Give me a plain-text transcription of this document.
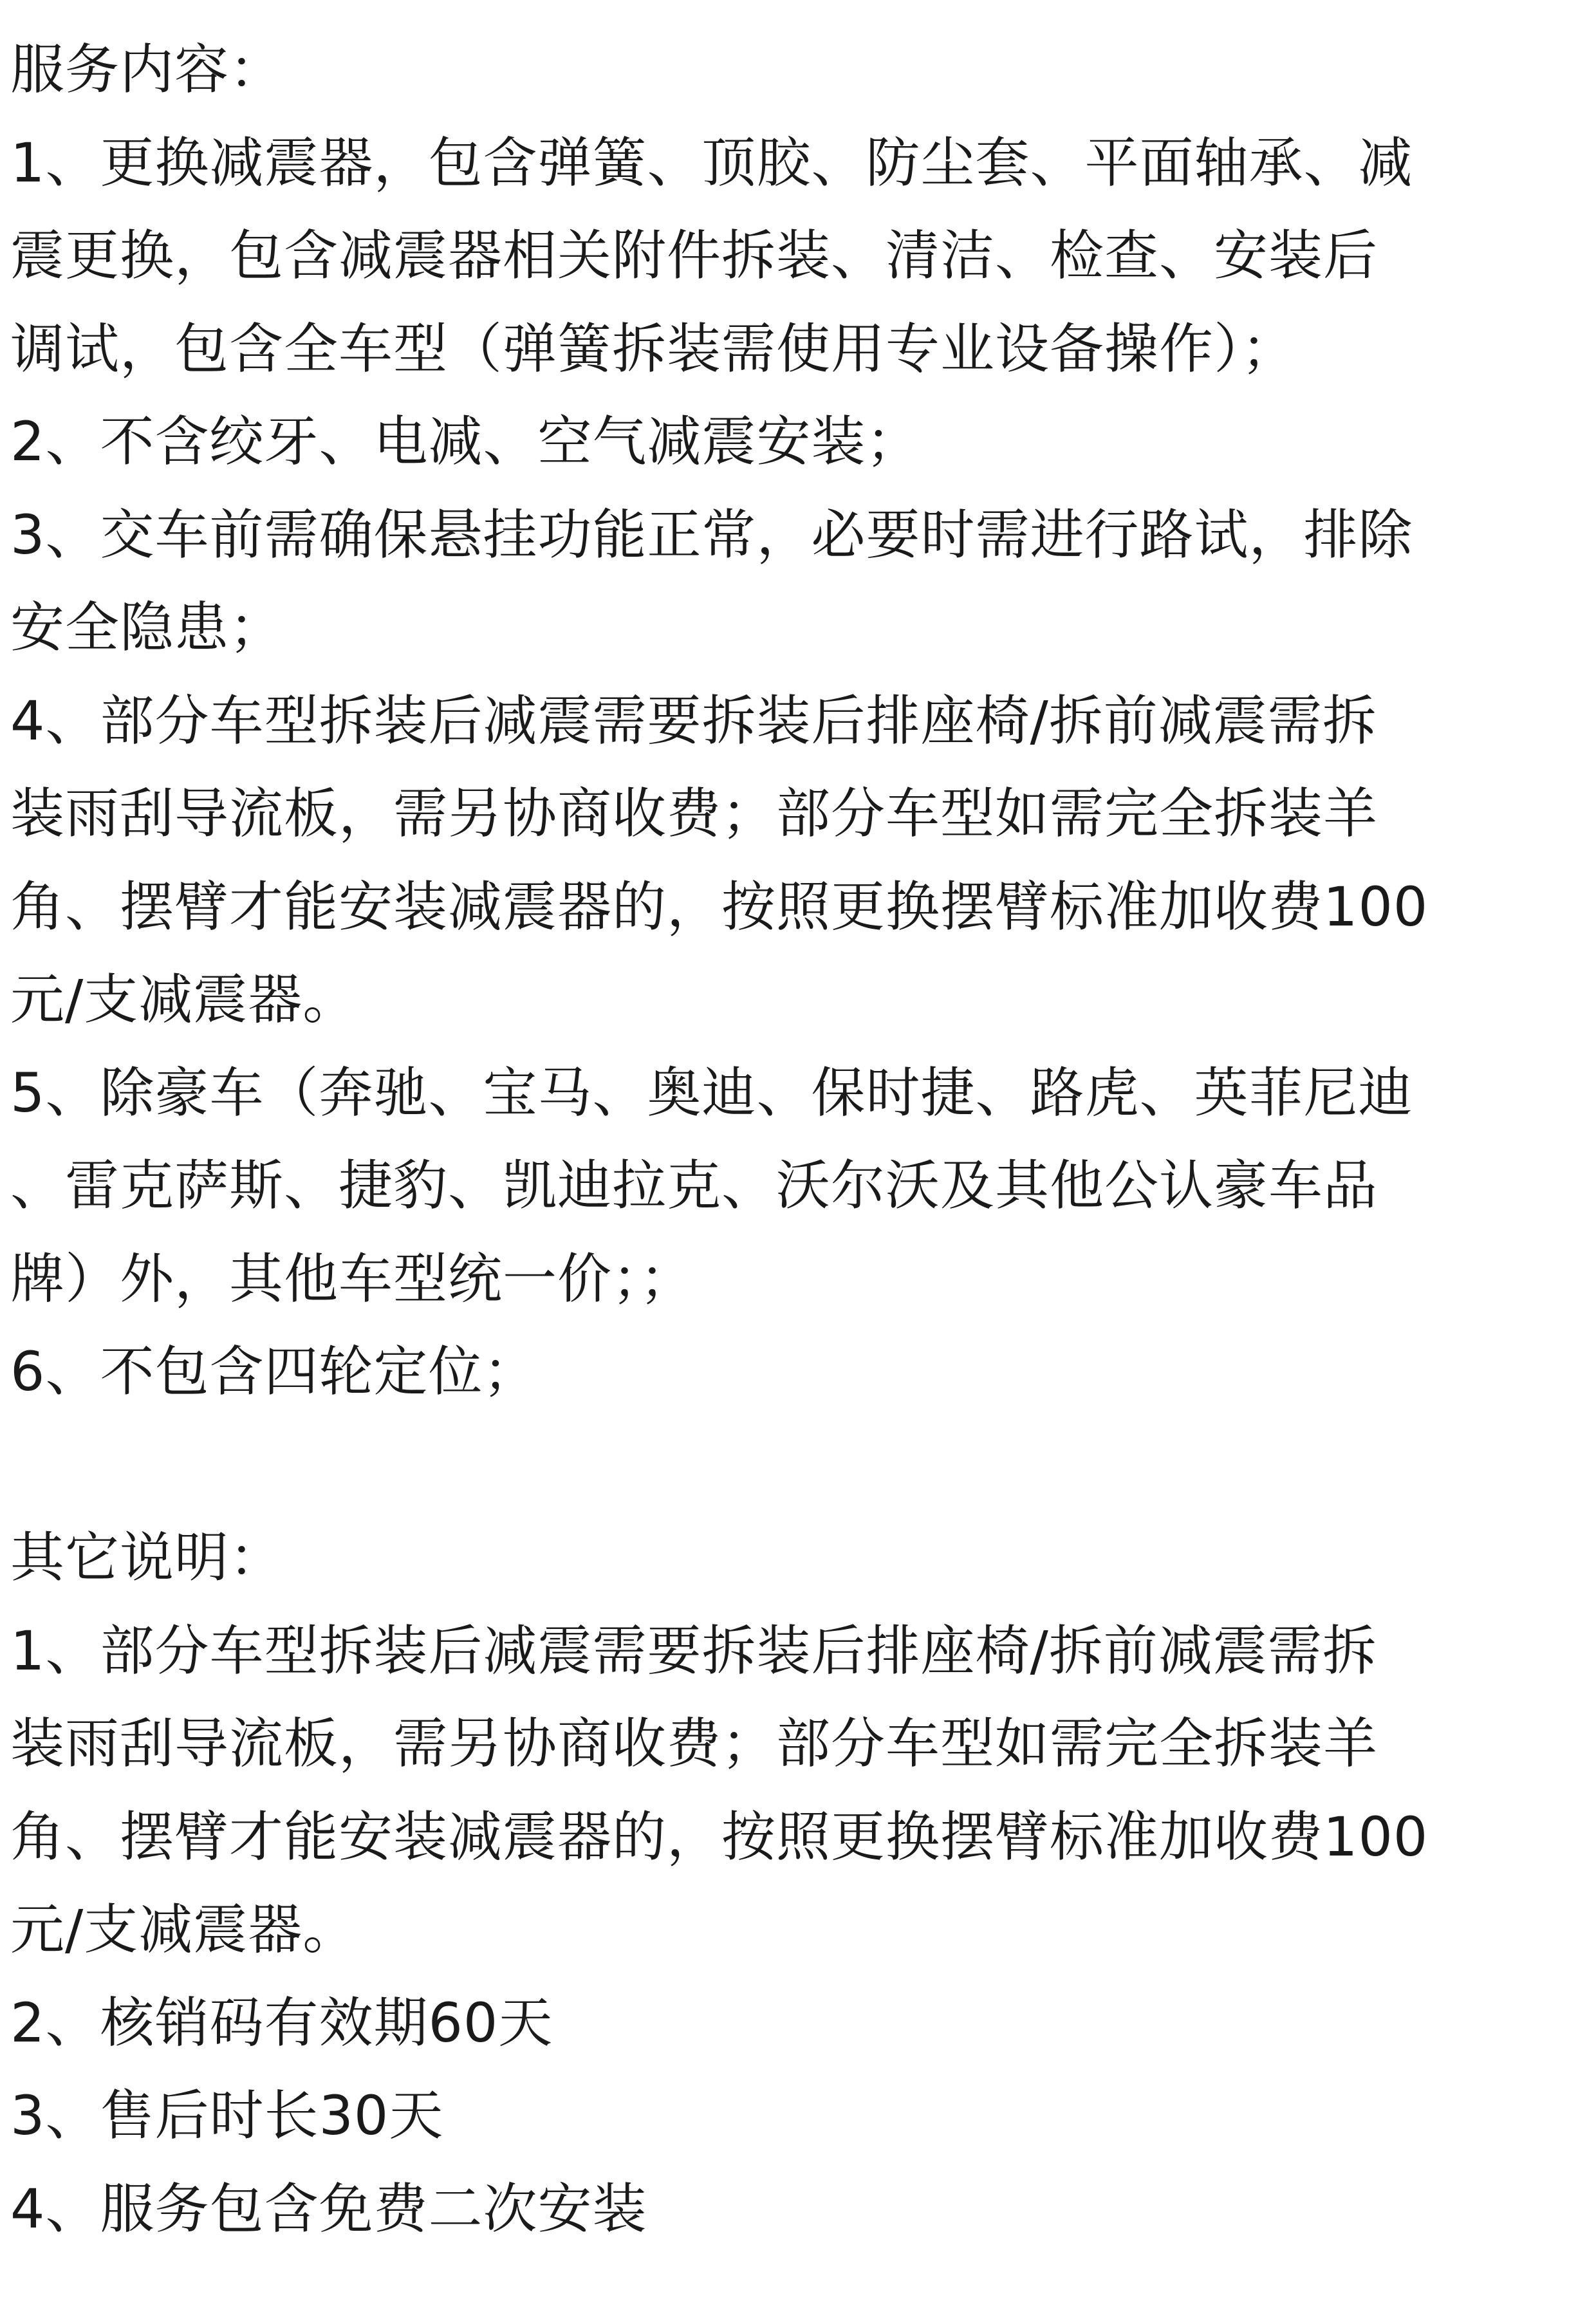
服务内容：
1、更换减震器，包含弹簧、顶胶、防尘套、平面轴承、减
震更换，包含减震器相关附件拆装、清洁、检查、安装后
调试，包含全车型（弹簧拆装需使用专业设备操作）；
2、不含绞牙、电减、空气减震安装；
3、交车前需确保悬挂功能正常，必要时需进行路试，排除
安全隐患；
4、部分车型拆装后减震需要拆装后排座椅/拆前减震需拆
装雨刮导流板，需另协商收费；部分车型如需完全拆装羊
角、摆臂才能安装减震器的，按照更换摆臂标准加收费100
元/支减震器。
5、除豪车（奔驰、宝马、奥迪、保时捷、路虎、英菲尼迪
、雷克萨斯、捷豹、凯迪拉克、沃尔沃及其他公认豪车品
牌）外，其他车型统一价；；
6、不包含四轮定位；
其它说明：
1、部分车型拆装后减震需要拆装后排座椅/拆前减震需拆
装雨刮导流板，需另协商收费；部分车型如需完全拆装羊
角、摆臂才能安装减震器的，按照更换摆臂标准加收费100
元/支减震器。
2、核销码有效期60天
3、售后时长30天
4、服务包含免费二次安装
